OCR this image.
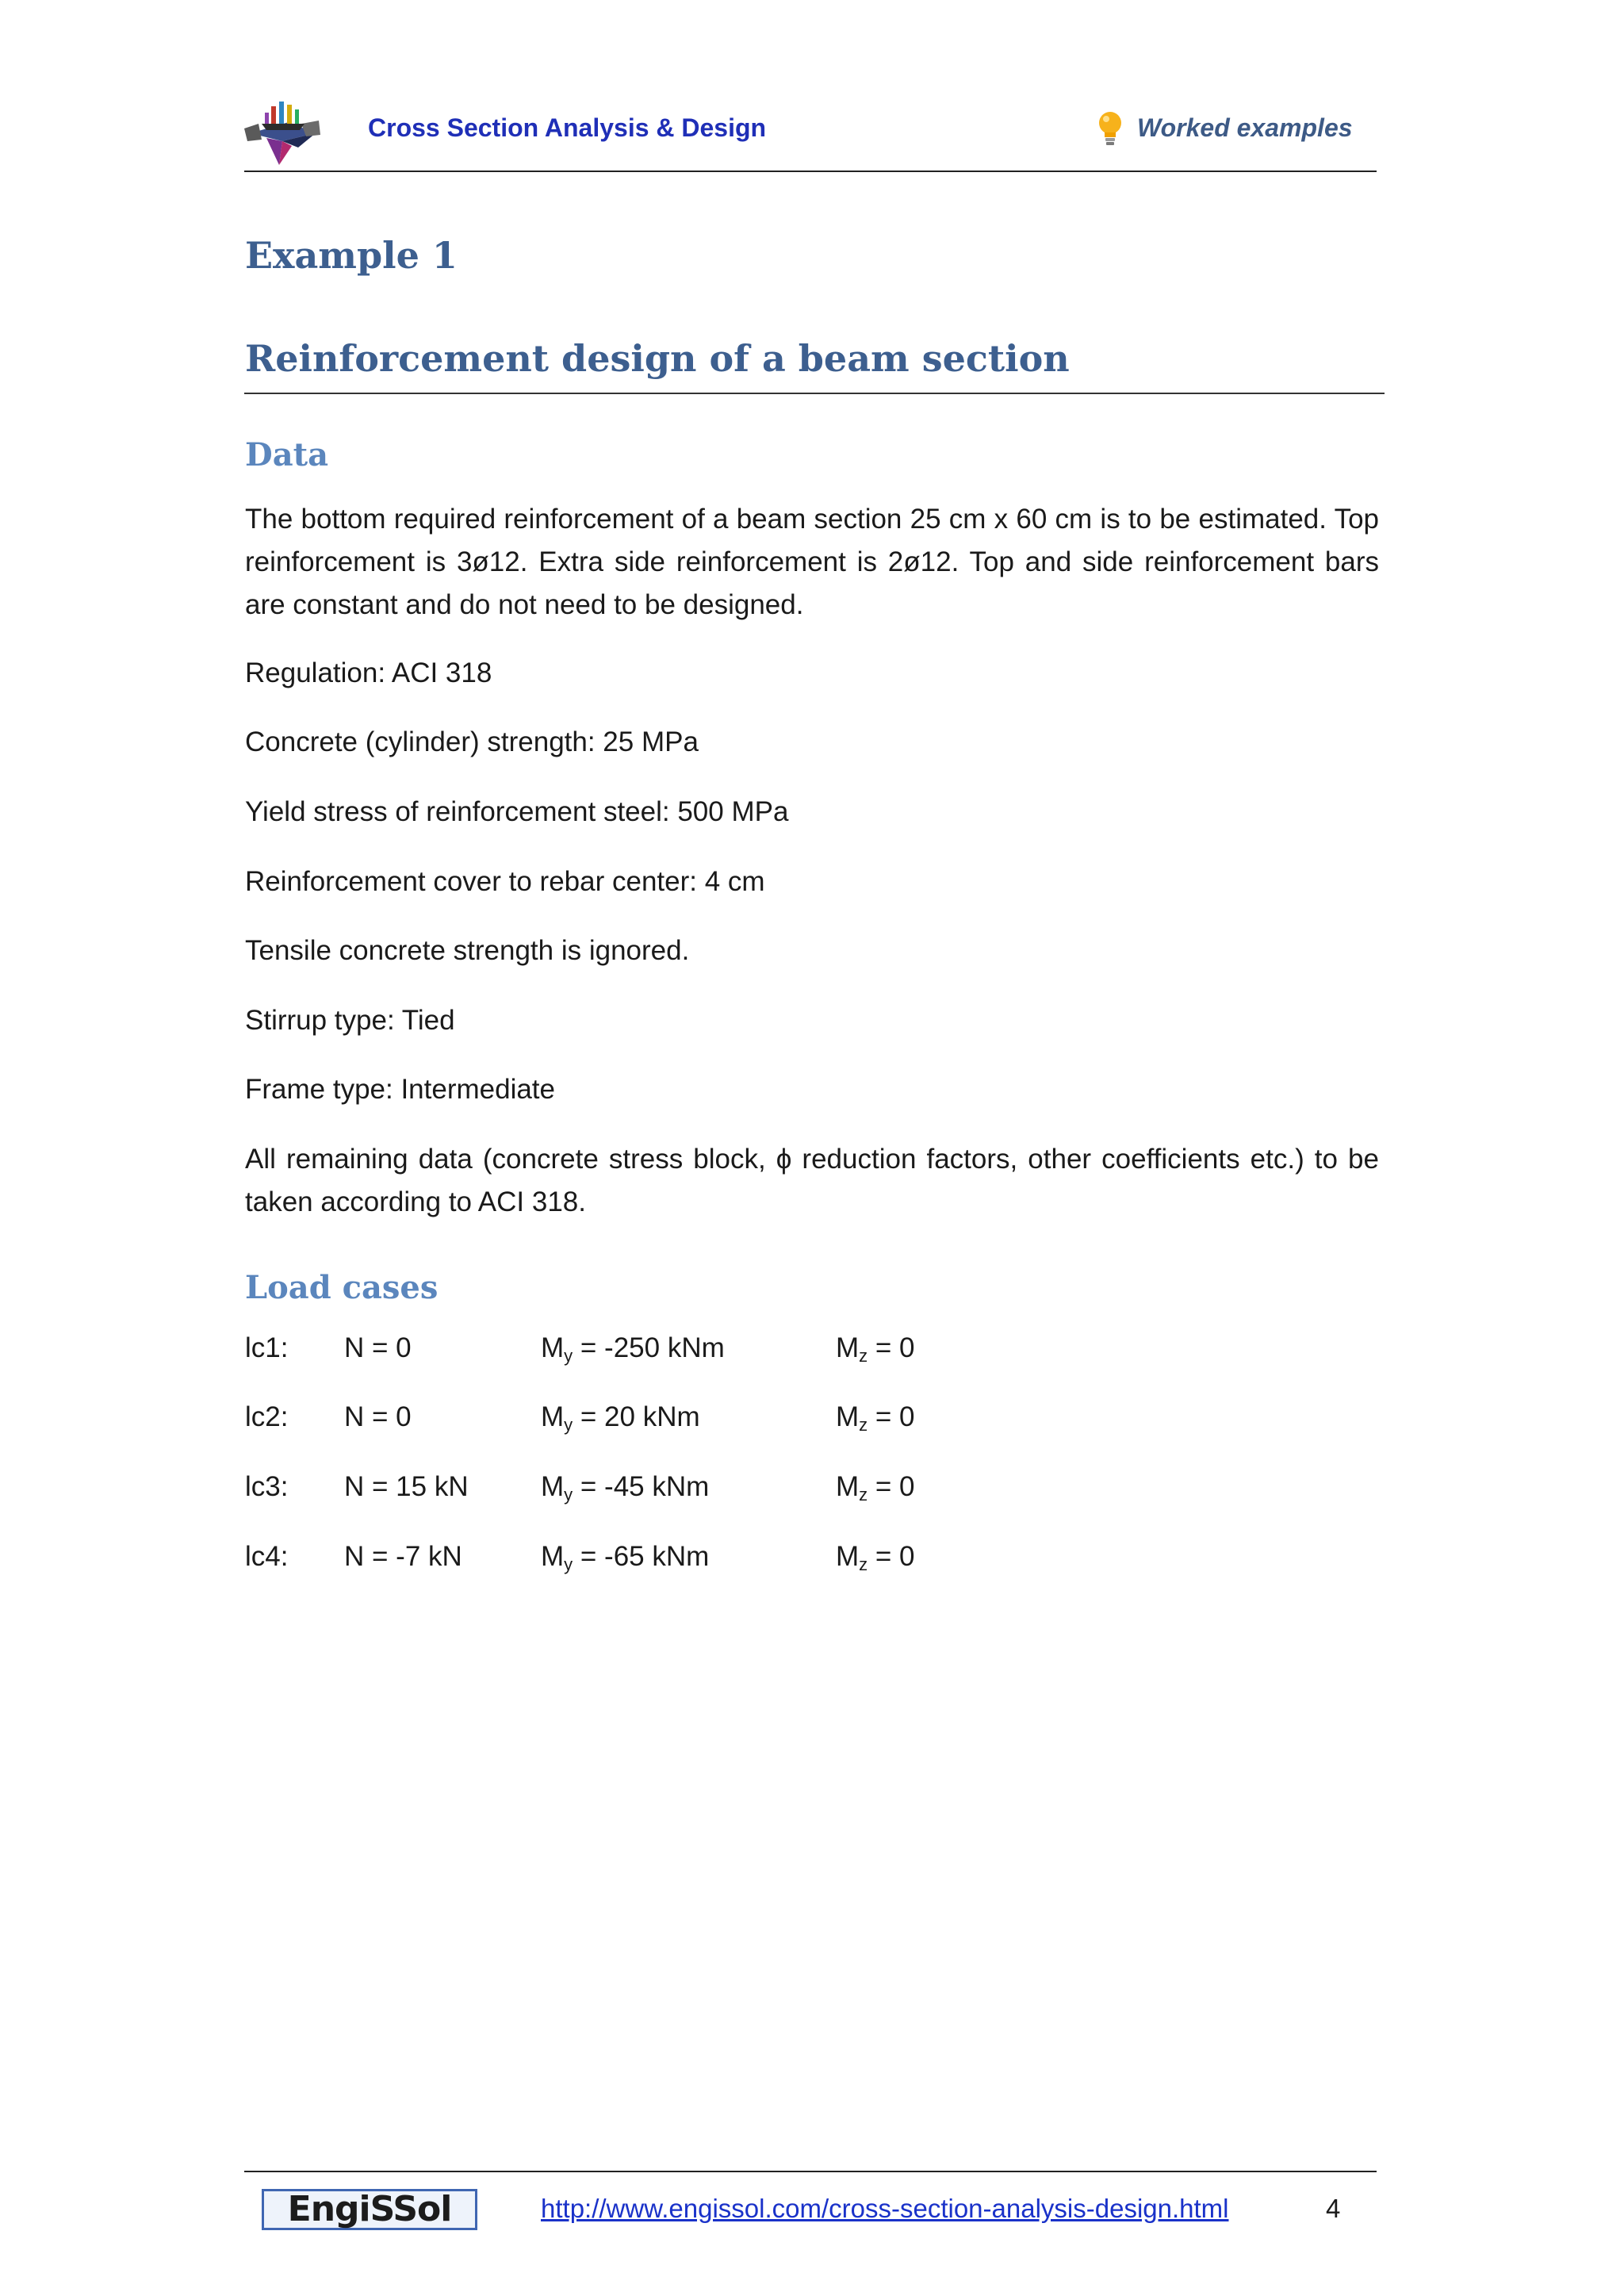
Cross Section Analysis & Design	Worked examples
Example 1
Reinforcement design of a beam section
Data

The bottom required reinforcement of a beam section 25 cm x 60 cm is to be estimated. Top reinforcement is 3ø12. Extra side reinforcement is 2ø12. Top and side reinforcement bars are constant and do not need to be designed.

Regulation: ACI 318

Concrete (cylinder) strength: 25 MPa

Yield stress of reinforcement steel: 500 MPa

Reinforcement cover to rebar center: 4 cm

Tensile concrete strength is ignored.

Stirrup type: Tied

Frame type: Intermediate

All remaining data (concrete stress block, ϕ reduction factors, other coefficients etc.) to be taken according to ACI 318.

Load cases
lc1: N = 0	$M_y = -250$ kNm	$M_z = 0$
lc2: N = 0	$M_y = 20$ kNm	$M_z = 0$
lc3: N = 15 kN	$M_y = -45$ kNm	$M_z = 0$
lc4: N = -7 kN	$M_y = -65$ kNm	$M_z = 0$
EngiSSol	http://www.engissol.com/cross-section-analysis-design.html	4
